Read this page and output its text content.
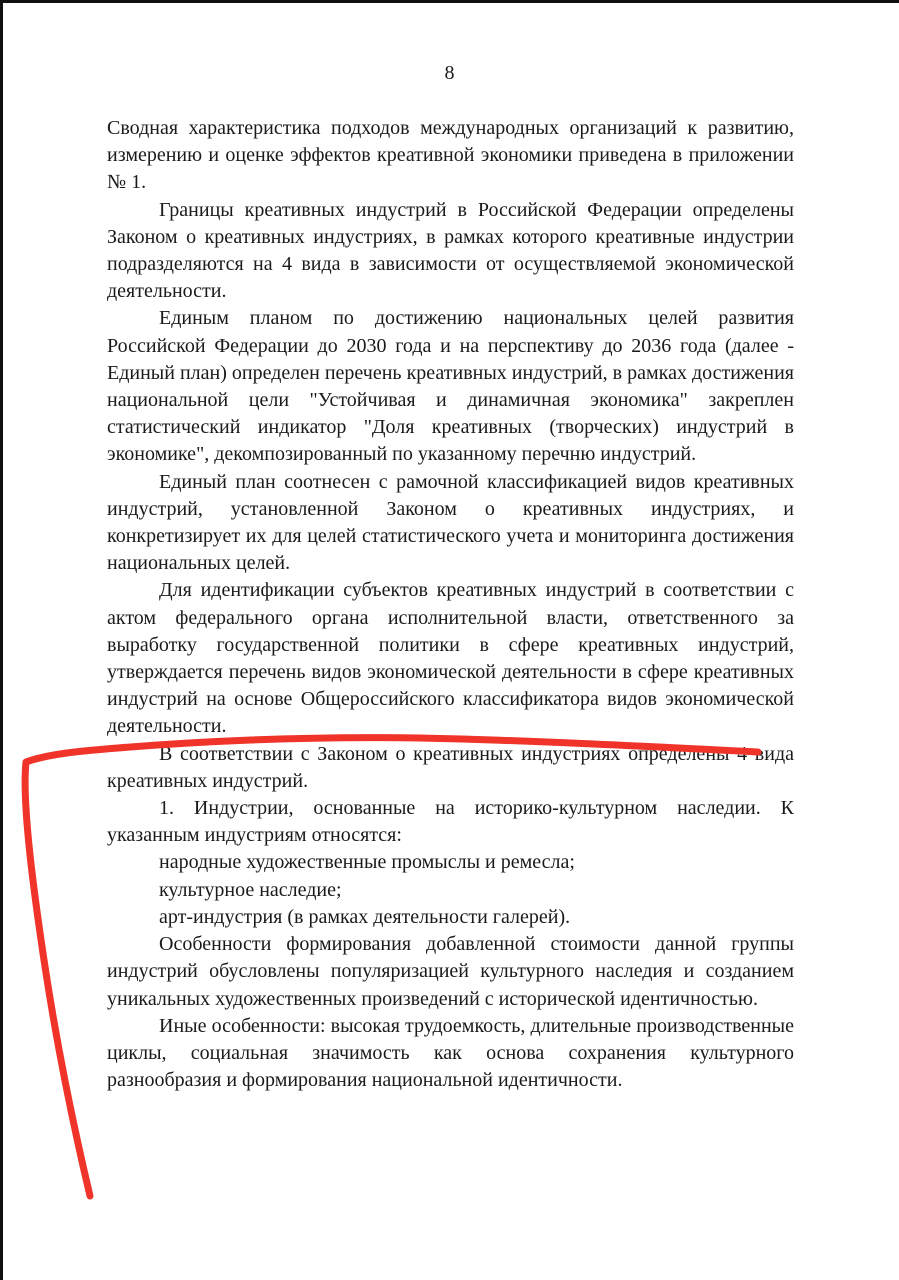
8

Сводная характеристика подходов международных организаций к развитию, измерению и оценке эффектов креативной экономики приведена в приложении № 1.

Границы креативных индустрий в Российской Федерации определены Законом о креативных индустриях, в рамках которого креативные индустрии подразделяются на 4 вида в зависимости от осуществляемой экономической деятельности.

Единым планом по достижению национальных целей развития Российской Федерации до 2030 года и на перспективу до 2036 года (далее - Единый план) определен перечень креативных индустрий, в рамках достижения национальной цели "Устойчивая и динамичная экономика" закреплен статистический индикатор "Доля креативных (творческих) индустрий в экономике", декомпозированный по указанному перечню индустрий.

Единый план соотнесен с рамочной классификацией видов креативных индустрий, установленной Законом о креативных индустриях, и конкретизирует их для целей статистического учета и мониторинга достижения национальных целей.

Для идентификации субъектов креативных индустрий в соответствии с актом федерального органа исполнительной власти, ответственного за выработку государственной политики в сфере креативных индустрий, утверждается перечень видов экономической деятельности в сфере креативных индустрий на основе Общероссийского классификатора видов экономической деятельности.

В соответствии с Законом о креативных индустриях определены 4 вида креативных индустрий.

1. Индустрии, основанные на историко-культурном наследии. К указанным индустриям относятся:

народные художественные промыслы и ремесла;

культурное наследие;

арт-индустрия (в рамках деятельности галерей).

Особенности формирования добавленной стоимости данной группы индустрий обусловлены популяризацией культурного наследия и созданием уникальных художественных произведений с исторической идентичностью.

Иные особенности: высокая трудоемкость, длительные производственные циклы, социальная значимость как основа сохранения культурного разнообразия и формирования национальной идентичности.
